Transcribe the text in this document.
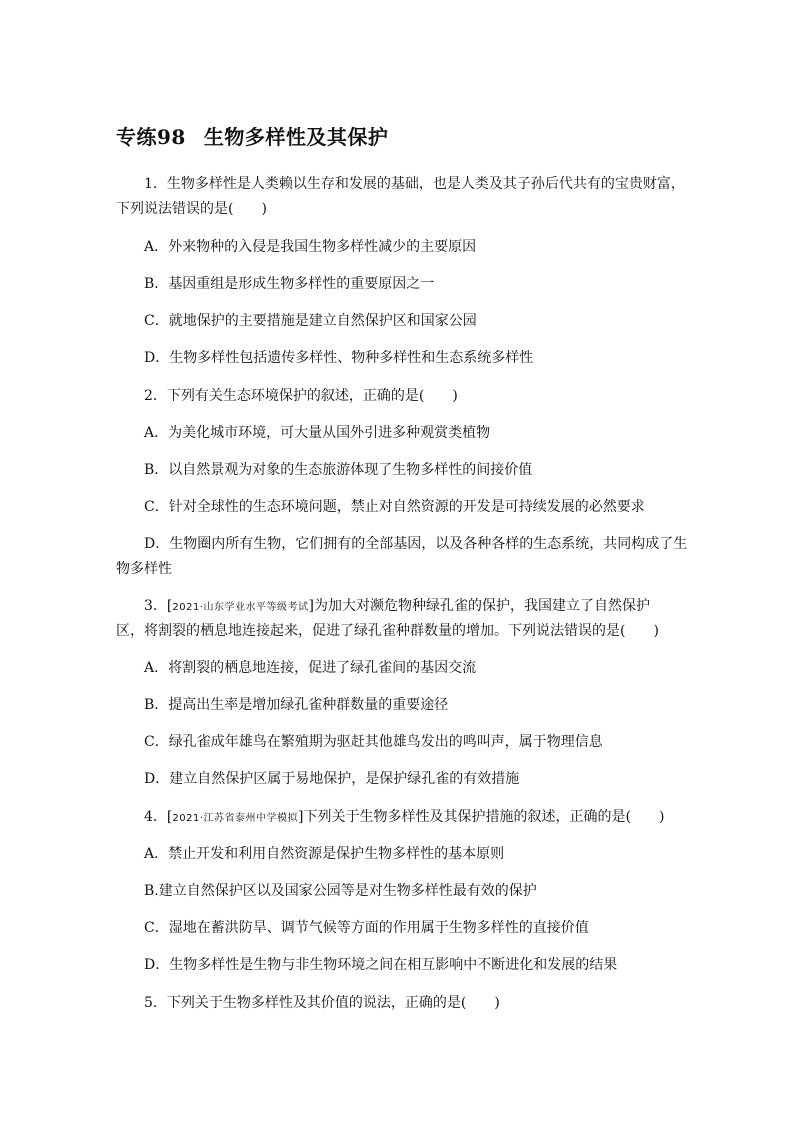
专练98 生物多样性及其保护
1．生物多样性是人类赖以生存和发展的基础，也是人类及其子孙后代共有的宝贵财富，
下列说法错误的是(　　)
A．外来物种的入侵是我国生物多样性减少的主要原因
B．基因重组是形成生物多样性的重要原因之一
C．就地保护的主要措施是建立自然保护区和国家公园
D．生物多样性包括遗传多样性、物种多样性和生态系统多样性
2．下列有关生态环境保护的叙述，正确的是(　　)
A．为美化城市环境，可大量从国外引进多种观赏类植物
B．以自然景观为对象的生态旅游体现了生物多样性的间接价值
C．针对全球性的生态环境问题，禁止对自然资源的开发是可持续发展的必然要求
D．生物圈内所有生物，它们拥有的全部基因，以及各种各样的生态系统，共同构成了生
物多样性
3．[2021·山东学业水平等级考试]为加大对濒危物种绿孔雀的保护，我国建立了自然保护
区，将割裂的栖息地连接起来，促进了绿孔雀种群数量的增加。下列说法错误的是(　　)
A．将割裂的栖息地连接，促进了绿孔雀间的基因交流
B．提高出生率是增加绿孔雀种群数量的重要途径
C．绿孔雀成年雄鸟在繁殖期为驱赶其他雄鸟发出的鸣叫声，属于物理信息
D．建立自然保护区属于易地保护，是保护绿孔雀的有效措施
4．[2021·江苏省泰州中学模拟]下列关于生物多样性及其保护措施的叙述，正确的是(　　)
A．禁止开发和利用自然资源是保护生物多样性的基本原则
B.建立自然保护区以及国家公园等是对生物多样性最有效的保护
C．湿地在蓄洪防旱、调节气候等方面的作用属于生物多样性的直接价值
D．生物多样性是生物与非生物环境之间在相互影响中不断进化和发展的结果
5．下列关于生物多样性及其价值的说法，正确的是(　　)
